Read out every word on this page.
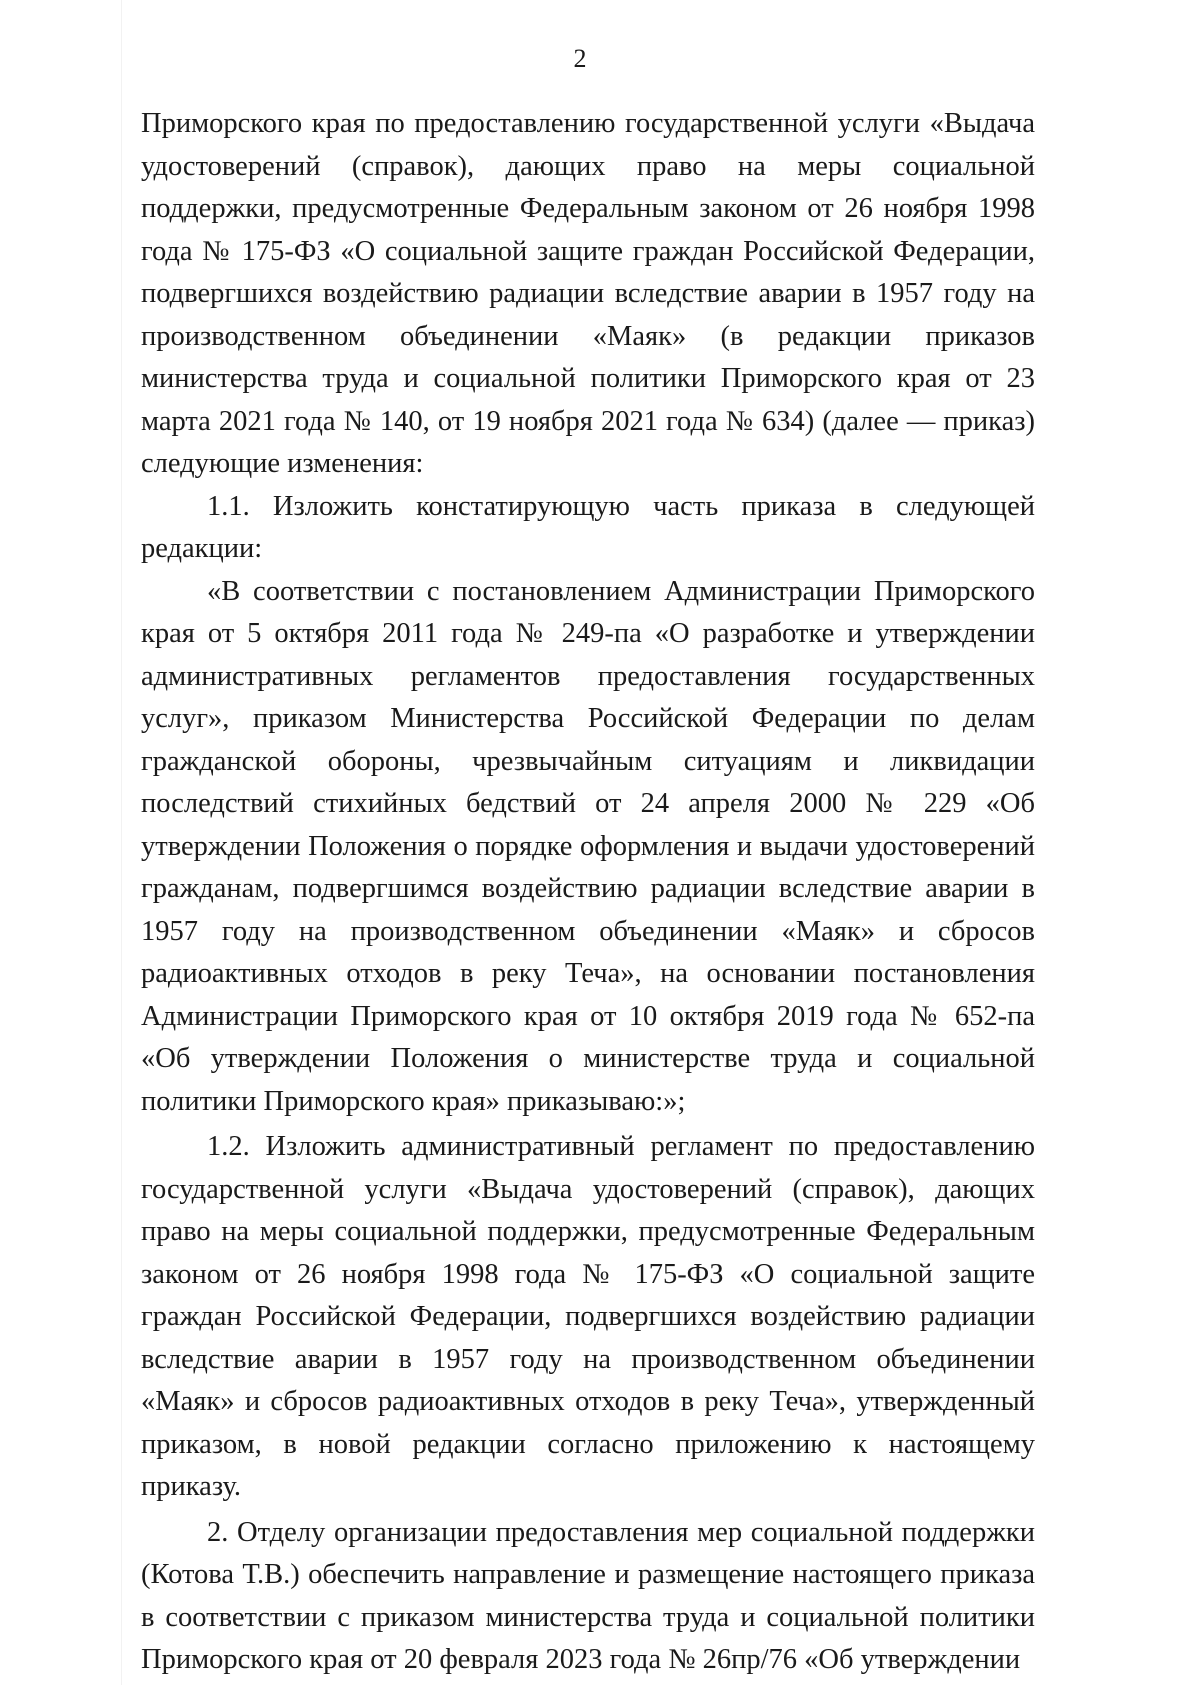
2

Приморского края по предоставлению государственной услуги «Выдача удостоверений (справок), дающих право на меры социальной поддержки, предусмотренные Федеральным законом от 26 ноября 1998 года № 175-ФЗ «О социальной защите граждан Российской Федерации, подвергшихся воздействию радиации вследствие аварии в 1957 году на производственном объединении «Маяк» (в редакции приказов министерства труда и социальной политики Приморского края от 23 марта 2021 года № 140, от 19 ноября 2021 года № 634) (далее — приказ) следующие изменения:

1.1. Изложить констатирующую часть приказа в следующей редакции:

«В соответствии с постановлением Администрации Приморского края от 5 октября 2011 года № 249-па «О разработке и утверждении административных регламентов предоставления государственных услуг», приказом Министерства Российской Федерации по делам гражданской обороны, чрезвычайным ситуациям и ликвидации последствий стихийных бедствий от 24 апреля 2000 № 229 «Об утверждении Положения о порядке оформления и выдачи удостоверений гражданам, подвергшимся воздействию радиации вследствие аварии в 1957 году на производственном объединении «Маяк» и сбросов радиоактивных отходов в реку Теча», на основании постановления Администрации Приморского края от 10 октября 2019 года № 652-па «Об утверждении Положения о министерстве труда и социальной политики Приморского края» приказываю:»;

1.2. Изложить административный регламент по предоставлению государственной услуги «Выдача удостоверений (справок), дающих право на меры социальной поддержки, предусмотренные Федеральным законом от 26 ноября 1998 года № 175-ФЗ «О социальной защите граждан Российской Федерации, подвергшихся воздействию радиации вследствие аварии в 1957 году на производственном объединении «Маяк» и сбросов радиоактивных отходов в реку Теча», утвержденный приказом, в новой редакции согласно приложению к настоящему приказу.

2. Отделу организации предоставления мер социальной поддержки (Котова Т.В.) обеспечить направление и размещение настоящего приказа в соответствии с приказом министерства труда и социальной политики Приморского края от 20 февраля 2023 года № 26пр/76 «Об утверждении
